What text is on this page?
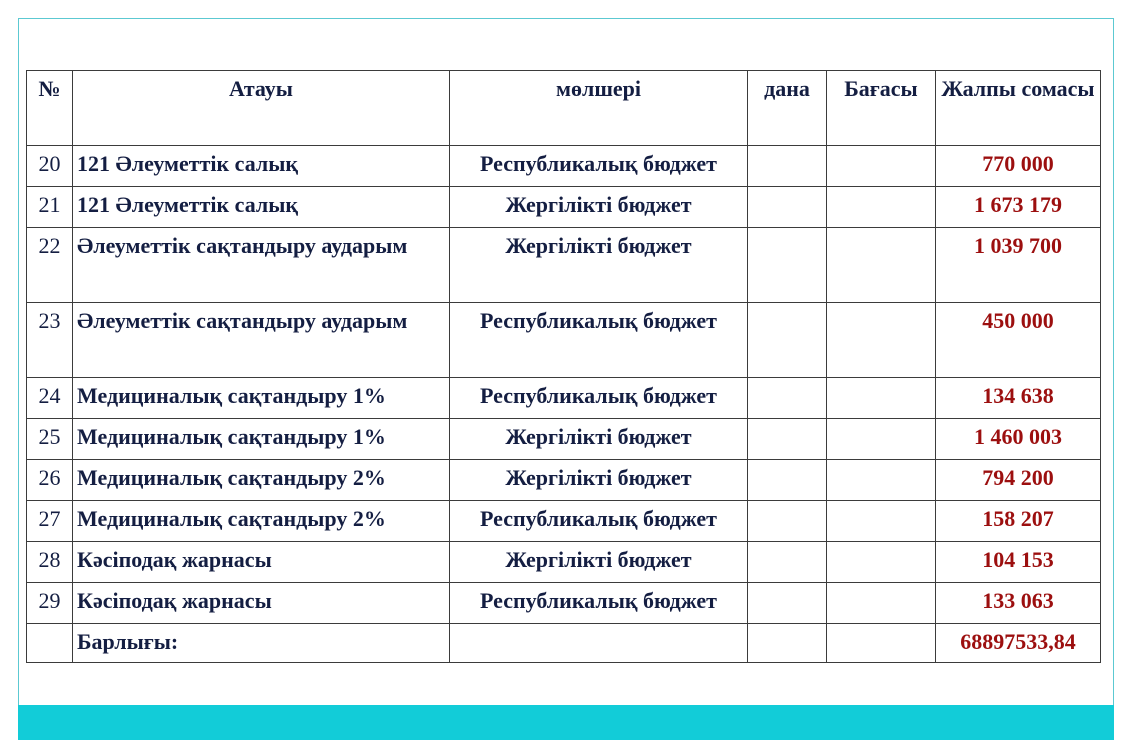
№	Атауы	мөлшері	дана	Бағасы	Жалпы сомасы
20	121 Әлеуметтік салық	Республикалық бюджет			770 000
21	121 Әлеуметтік салық	Жергілікті бюджет			1 673 179
22	Әлеуметтік сақтандыру аударым	Жергілікті бюджет			1 039 700
23	Әлеуметтік сақтандыру аударым	Республикалық бюджет			450 000
24	Медициналық сақтандыру 1%	Республикалық бюджет			134 638
25	Медициналық сақтандыру 1%	Жергілікті бюджет			1 460 003
26	Медициналық сақтандыру 2%	Жергілікті бюджет			794 200
27	Медициналық сақтандыру 2%	Республикалық бюджет			158 207
28	Кәсіподақ жарнасы	Жергілікті бюджет			104 153
29	Кәсіподақ жарнасы	Республикалық бюджет			133 063
	Барлығы:				68897533,84
